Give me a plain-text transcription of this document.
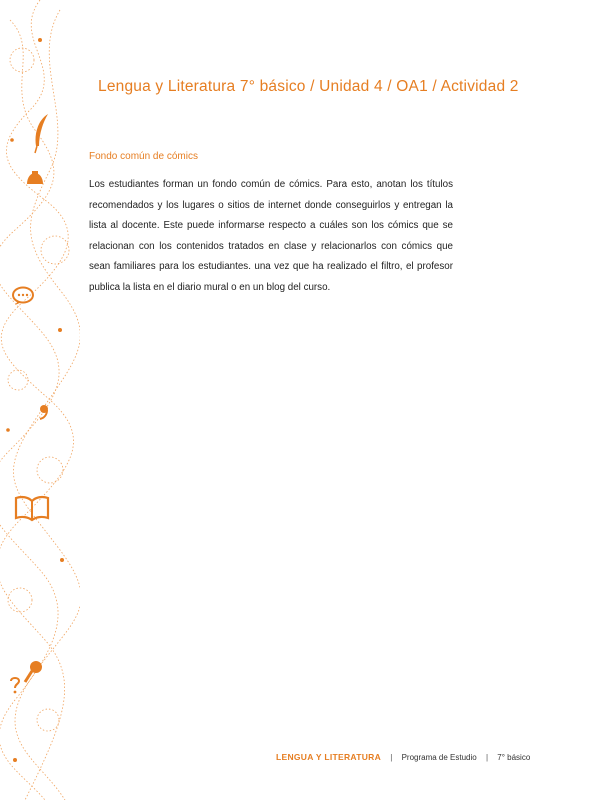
Lengua y Literatura 7° básico / Unidad 4 / OA1 / Actividad 2
Fondo común de cómics

Los estudiantes forman un fondo común de cómics. Para esto, anotan los títulos recomendados y los lugares o sitios de internet donde conseguirlos y entregan la lista al docente. Este puede informarse respecto a cuáles son los cómics que se relacionan con los contenidos tratados en clase y relacionarlos con cómics que sean familiares para los estudiantes. una vez que ha realizado el filtro, el profesor publica la lista en el diario mural o en un blog del curso.

LENGUA Y LITERATURA | Programa de Estudio | 7° básico
